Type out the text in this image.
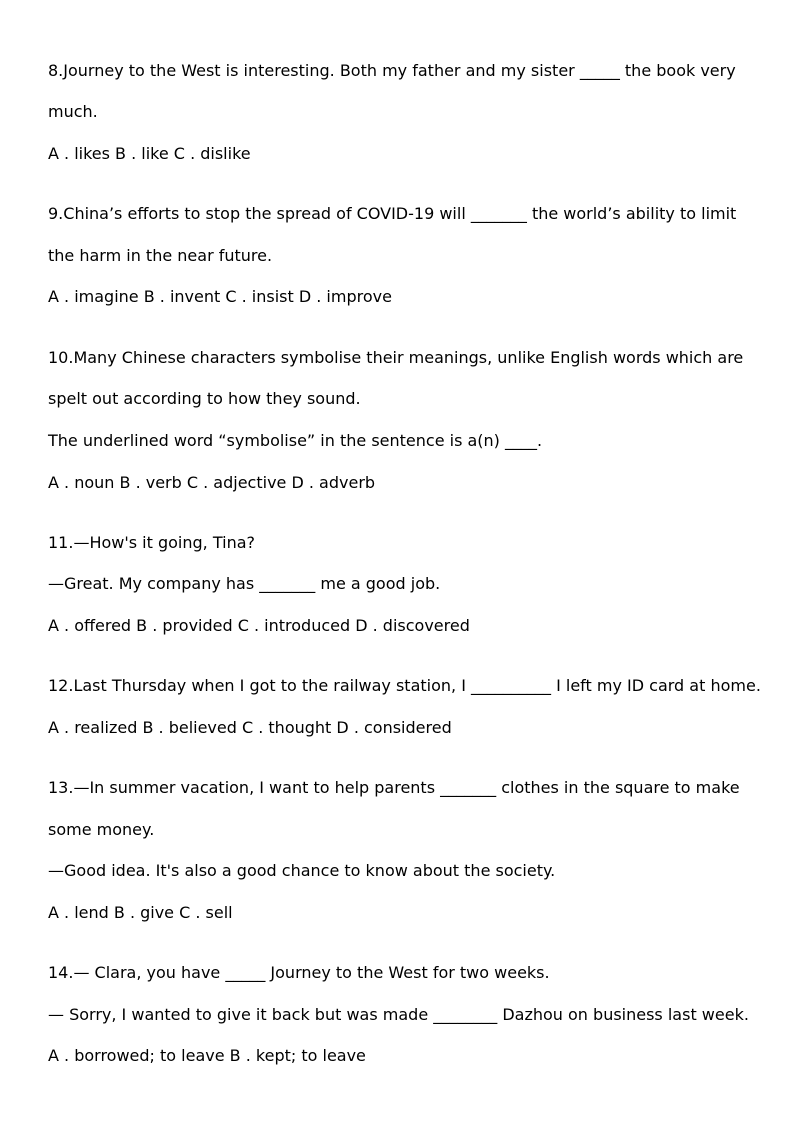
8.Journey to the West is interesting. Both my father and my sister _____ the book very

much.

A . likes B . like C . dislike

9.China’s efforts to stop the spread of COVID-19 will _______ the world’s ability to limit

the harm in the near future.

A . imagine B . invent C . insist D . improve

10.Many Chinese characters symbolise their meanings, unlike English words which are

spelt out according to how they sound.

The underlined word “symbolise” in the sentence is a(n) ____.

A . noun B . verb C . adjective D . adverb

11.—How's it going, Tina?

—Great. My company has _______ me a good job.

A . offered B . provided C . introduced D . discovered

12.Last Thursday when I got to the railway station, I __________ I left my ID card at home.

A . realized B . believed C . thought D . considered

13.—In summer vacation, I want to help parents _______ clothes in the square to make

some money.

—Good idea. It's also a good chance to know about the society.

A . lend B . give C . sell

14.— Clara, you have _____ Journey to the West for two weeks.

— Sorry, I wanted to give it back but was made ________ Dazhou on business last week.

A . borrowed; to leave B . kept; to leave
